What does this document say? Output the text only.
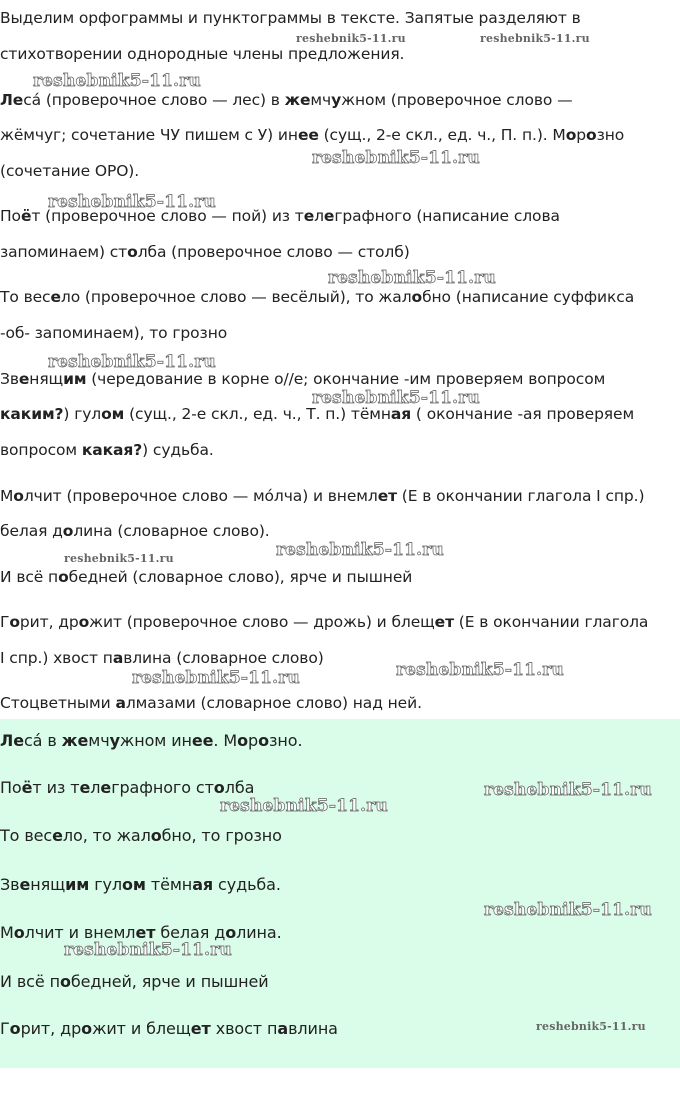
Выделим орфограммы и пунктограммы в тексте. Запятые разделяют в
стихотворении однородные члены предложения.
Леса́ (проверочное слово — лес) в жемчужном (проверочное слово —
жёмчуг; сочетание ЧУ пишем с У) инее (сущ., 2-е скл., ед. ч., П. п.). Морозно
(сочетание ОРО).
Поёт (проверочное слово — пой) из телеграфного (написание слова
запоминаем) столба (проверочное слово — столб)
То весело (проверочное слово — весёлый), то жалобно (написание суффикса
-об- запоминаем), то грозно
Звенящим (чередование в корне о//е; окончание -им проверяем вопросом
каким?) гулом (сущ., 2-е скл., ед. ч., Т. п.) тёмная ( окончание -ая проверяем
вопросом какая?) судьба.
Молчит (проверочное слово — мо́лча) и внемлет (Е в окончании глагола I спр.)
белая долина (словарное слово).
И всё победней (словарное слово), ярче и пышней
Горит, дрожит (проверочное слово — дрожь) и блещет (Е в окончании глагола
I спр.) хвост павлина (словарное слово)
Стоцветными алмазами (словарное слово) над ней.
Леса́ в жемчужном инее. Морозно.
Поёт из телеграфного столба
То весело, то жалобно, то грозно
Звенящим гулом тёмная судьба.
Молчит и внемлет белая долина.
И всё победней, ярче и пышней
Горит, дрожит и блещет хвост павлина
reshebnik5-11.ru	reshebnik5-11.ru
reshebnik5-11.ru
reshebnik5-11.ru
reshebnik5-11.ru
reshebnik5-11.ru
reshebnik5-11.ru
reshebnik5-11.ru
reshebnik5-11.ru	reshebnik5-11.ru
reshebnik5-11.ru
reshebnik5-11.ru
reshebnik5-11.ru
reshebnik5-11.ru
reshebnik5-11.ru
reshebnik5-11.ru
reshebnik5-11.ru
